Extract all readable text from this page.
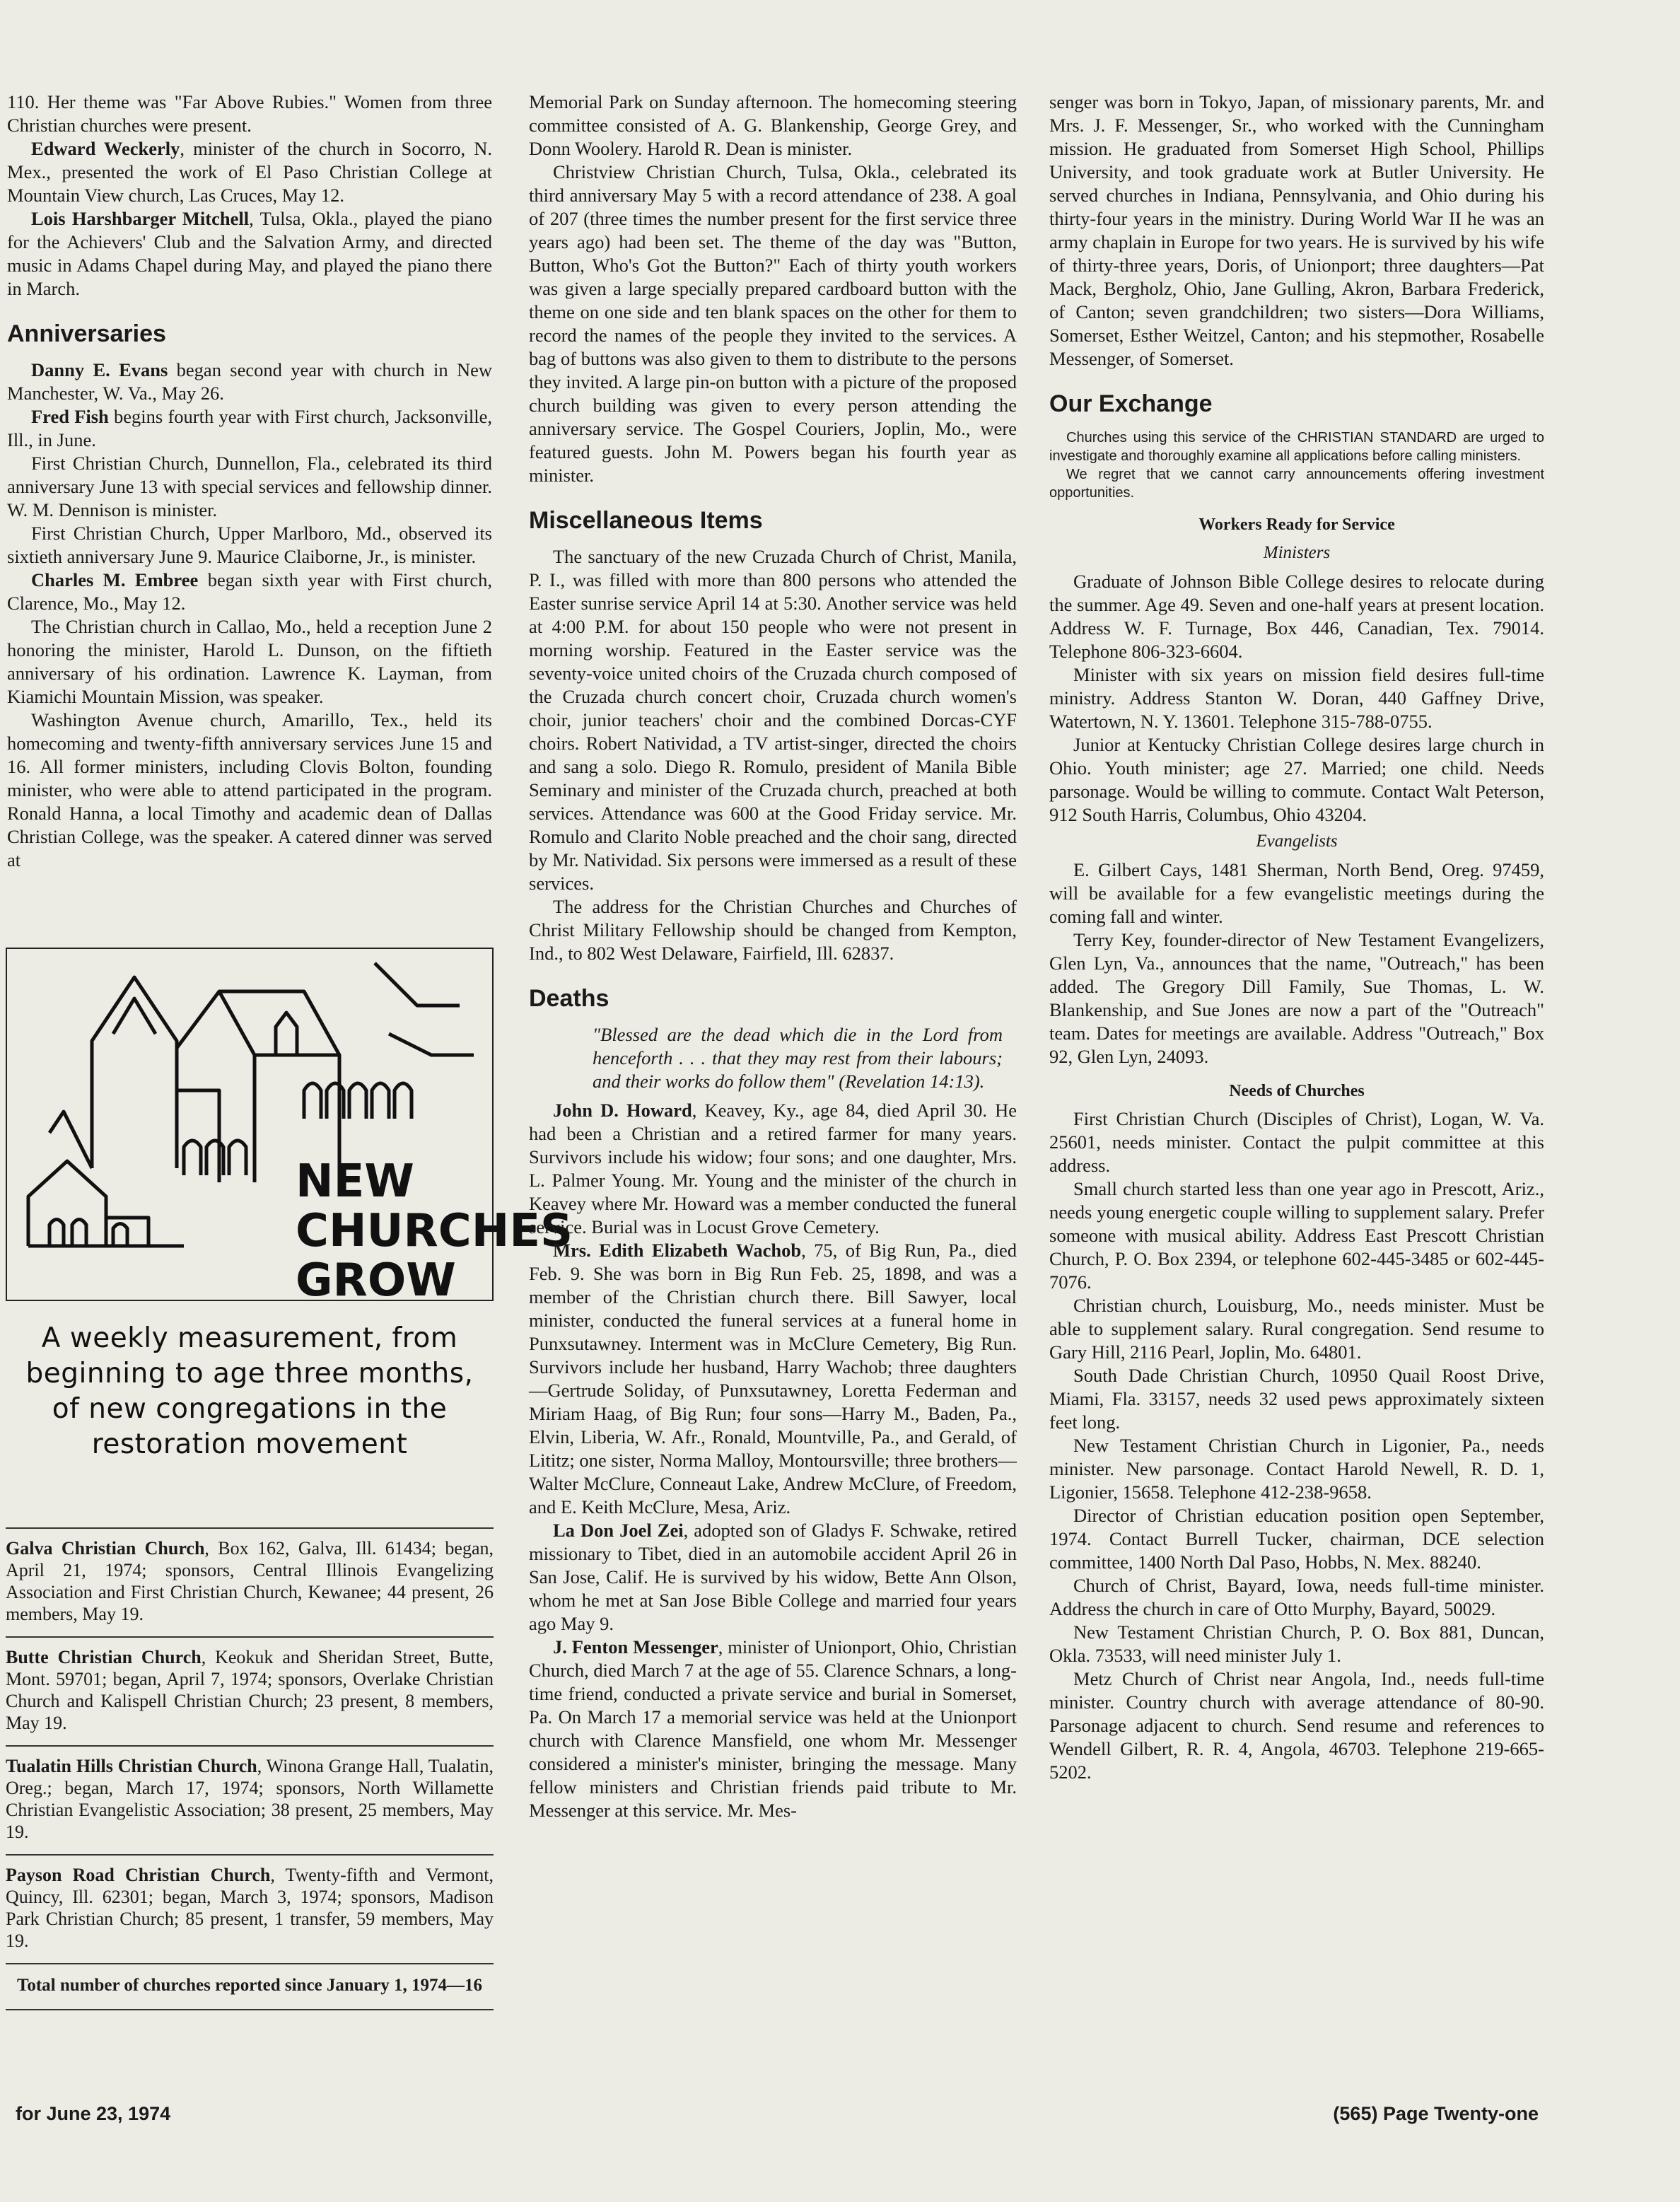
110. Her theme was "Far Above Rubies." Women from three Christian churches were present.

Edward Weckerly, minister of the church in Socorro, N. Mex., presented the work of El Paso Christian College at Mountain View church, Las Cruces, May 12.

Lois Harshbarger Mitchell, Tulsa, Okla., played the piano for the Achievers' Club and the Salvation Army, and directed music in Adams Chapel during May, and played the piano there in March.

Anniversaries

Danny E. Evans began second year with church in New Manchester, W. Va., May 26.

Fred Fish begins fourth year with First church, Jacksonville, Ill., in June.

First Christian Church, Dunnellon, Fla., celebrated its third anniversary June 13 with special services and fellowship dinner. W. M. Dennison is minister.

First Christian Church, Upper Marlboro, Md., observed its sixtieth anniversary June 9. Maurice Claiborne, Jr., is minister.

Charles M. Embree began sixth year with First church, Clarence, Mo., May 12.

The Christian church in Callao, Mo., held a reception June 2 honoring the minister, Harold L. Dunson, on the fiftieth anniversary of his ordination. Lawrence K. Layman, from Kiamichi Mountain Mission, was speaker.

Washington Avenue church, Amarillo, Tex., held its homecoming and twenty-fifth anniversary services June 15 and 16. All former ministers, including Clovis Bolton, founding minister, who were able to attend participated in the program. Ronald Hanna, a local Timothy and academic dean of Dallas Christian College, was the speaker. A catered dinner was served at

NEW
CHURCHES
GROW
A weekly measurement, from beginning to age three months, of new congregations in the restoration movement

Galva Christian Church, Box 162, Galva, Ill. 61434; began, April 21, 1974; sponsors, Central Illinois Evangelizing Association and First Christian Church, Kewanee; 44 present, 26 members, May 19.

Butte Christian Church, Keokuk and Sheridan Street, Butte, Mont. 59701; began, April 7, 1974; sponsors, Overlake Christian Church and Kalispell Christian Church; 23 present, 8 members, May 19.

Tualatin Hills Christian Church, Winona Grange Hall, Tualatin, Oreg.; began, March 17, 1974; sponsors, North Willamette Christian Evangelistic Association; 38 present, 25 members, May 19.

Payson Road Christian Church, Twenty-fifth and Vermont, Quincy, Ill. 62301; began, March 3, 1974; sponsors, Madison Park Christian Church; 85 present, 1 transfer, 59 members, May 19.

Total number of churches reported since January 1, 1974—16

Memorial Park on Sunday afternoon. The homecoming steering committee consisted of A. G. Blankenship, George Grey, and Donn Woolery. Harold R. Dean is minister.

Christview Christian Church, Tulsa, Okla., celebrated its third anniversary May 5 with a record attendance of 238. A goal of 207 (three times the number present for the first service three years ago) had been set. The theme of the day was "Button, Button, Who's Got the Button?" Each of thirty youth workers was given a large specially prepared cardboard button with the theme on one side and ten blank spaces on the other for them to record the names of the people they invited to the services. A bag of buttons was also given to them to distribute to the persons they invited. A large pin-on button with a picture of the proposed church building was given to every person attending the anniversary service. The Gospel Couriers, Joplin, Mo., were featured guests. John M. Powers began his fourth year as minister.

Miscellaneous Items

The sanctuary of the new Cruzada Church of Christ, Manila, P. I., was filled with more than 800 persons who attended the Easter sunrise service April 14 at 5:30. Another service was held at 4:00 P.M. for about 150 people who were not present in morning worship. Featured in the Easter service was the seventy-voice united choirs of the Cruzada church composed of the Cruzada church concert choir, Cruzada church women's choir, junior teachers' choir and the combined Dorcas-CYF choirs. Robert Natividad, a TV artist-singer, directed the choirs and sang a solo. Diego R. Romulo, president of Manila Bible Seminary and minister of the Cruzada church, preached at both services. Attendance was 600 at the Good Friday service. Mr. Romulo and Clarito Noble preached and the choir sang, directed by Mr. Natividad. Six persons were immersed as a result of these services.

The address for the Christian Churches and Churches of Christ Military Fellowship should be changed from Kempton, Ind., to 802 West Delaware, Fairfield, Ill. 62837.

Deaths

"Blessed are the dead which die in the Lord from henceforth . . . that they may rest from their labours; and their works do follow them" (Revelation 14:13).

John D. Howard, Keavey, Ky., age 84, died April 30. He had been a Christian and a retired farmer for many years. Survivors include his widow; four sons; and one daughter, Mrs. L. Palmer Young. Mr. Young and the minister of the church in Keavey where Mr. Howard was a member conducted the funeral service. Burial was in Locust Grove Cemetery.

Mrs. Edith Elizabeth Wachob, 75, of Big Run, Pa., died Feb. 9. She was born in Big Run Feb. 25, 1898, and was a member of the Christian church there. Bill Sawyer, local minister, conducted the funeral services at a funeral home in Punxsutawney. Interment was in McClure Cemetery, Big Run. Survivors include her husband, Harry Wachob; three daughters—Gertrude Soliday, of Punxsutawney, Loretta Federman and Miriam Haag, of Big Run; four sons—Harry M., Baden, Pa., Elvin, Liberia, W. Afr., Ronald, Mountville, Pa., and Gerald, of Lititz; one sister, Norma Malloy, Montoursville; three brothers—Walter McClure, Conneaut Lake, Andrew McClure, of Freedom, and E. Keith McClure, Mesa, Ariz.

La Don Joel Zei, adopted son of Gladys F. Schwake, retired missionary to Tibet, died in an automobile accident April 26 in San Jose, Calif. He is survived by his widow, Bette Ann Olson, whom he met at San Jose Bible College and married four years ago May 9.

J. Fenton Messenger, minister of Unionport, Ohio, Christian Church, died March 7 at the age of 55. Clarence Schnars, a long-time friend, conducted a private service and burial in Somerset, Pa. On March 17 a memorial service was held at the Unionport church with Clarence Mansfield, one whom Mr. Messenger considered a minister's minister, bringing the message. Many fellow ministers and Christian friends paid tribute to Mr. Messenger at this service. Mr. Mes-

senger was born in Tokyo, Japan, of missionary parents, Mr. and Mrs. J. F. Messenger, Sr., who worked with the Cunningham mission. He graduated from Somerset High School, Phillips University, and took graduate work at Butler University. He served churches in Indiana, Pennsylvania, and Ohio during his thirty-four years in the ministry. During World War II he was an army chaplain in Europe for two years. He is survived by his wife of thirty-three years, Doris, of Unionport; three daughters—Pat Mack, Bergholz, Ohio, Jane Gulling, Akron, Barbara Frederick, of Canton; seven grandchildren; two sisters—Dora Williams, Somerset, Esther Weitzel, Canton; and his stepmother, Rosabelle Messenger, of Somerset.

Our Exchange

Churches using this service of the CHRISTIAN STANDARD are urged to investigate and thoroughly examine all applications before calling ministers.

We regret that we cannot carry announcements offering investment opportunities.

Workers Ready for Service
Ministers

Graduate of Johnson Bible College desires to relocate during the summer. Age 49. Seven and one-half years at present location. Address W. F. Turnage, Box 446, Canadian, Tex. 79014. Telephone 806-323-6604.

Minister with six years on mission field desires full-time ministry. Address Stanton W. Doran, 440 Gaffney Drive, Watertown, N. Y. 13601. Telephone 315-788-0755.

Junior at Kentucky Christian College desires large church in Ohio. Youth minister; age 27. Married; one child. Needs parsonage. Would be willing to commute. Contact Walt Peterson, 912 South Harris, Columbus, Ohio 43204.

Evangelists

E. Gilbert Cays, 1481 Sherman, North Bend, Oreg. 97459, will be available for a few evangelistic meetings during the coming fall and winter.

Terry Key, founder-director of New Testament Evangelizers, Glen Lyn, Va., announces that the name, "Outreach," has been added. The Gregory Dill Family, Sue Thomas, L. W. Blankenship, and Sue Jones are now a part of the "Outreach" team. Dates for meetings are available. Address "Outreach," Box 92, Glen Lyn, 24093.

Needs of Churches

First Christian Church (Disciples of Christ), Logan, W. Va. 25601, needs minister. Contact the pulpit committee at this address.

Small church started less than one year ago in Prescott, Ariz., needs young energetic couple willing to supplement salary. Prefer someone with musical ability. Address East Prescott Christian Church, P. O. Box 2394, or telephone 602-445-3485 or 602-445-7076.

Christian church, Louisburg, Mo., needs minister. Must be able to supplement salary. Rural congregation. Send resume to Gary Hill, 2116 Pearl, Joplin, Mo. 64801.

South Dade Christian Church, 10950 Quail Roost Drive, Miami, Fla. 33157, needs 32 used pews approximately sixteen feet long.

New Testament Christian Church in Ligonier, Pa., needs minister. New parsonage. Contact Harold Newell, R. D. 1, Ligonier, 15658. Telephone 412-238-9658.

Director of Christian education position open September, 1974. Contact Burrell Tucker, chairman, DCE selection committee, 1400 North Dal Paso, Hobbs, N. Mex. 88240.

Church of Christ, Bayard, Iowa, needs full-time minister. Address the church in care of Otto Murphy, Bayard, 50029.

New Testament Christian Church, P. O. Box 881, Duncan, Okla. 73533, will need minister July 1.

Metz Church of Christ near Angola, Ind., needs full-time minister. Country church with average attendance of 80-90. Parsonage adjacent to church. Send resume and references to Wendell Gilbert, R. R. 4, Angola, 46703. Telephone 219-665-5202.

for June 23, 1974	(565) Page Twenty-one
